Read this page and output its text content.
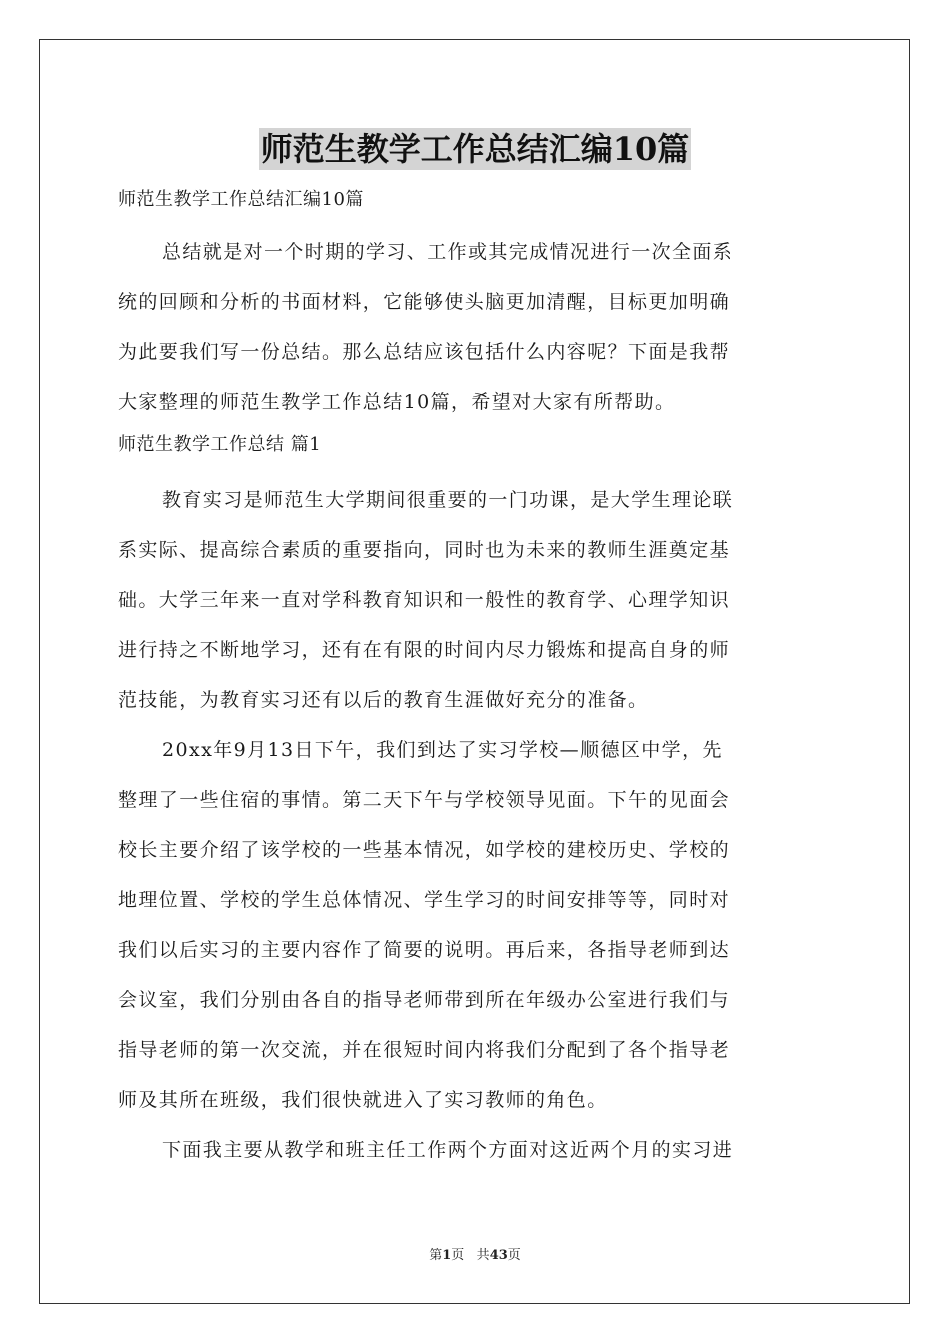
师范生教学工作总结汇编10篇
师范生教学工作总结汇编10篇
总结就是对一个时期的学习、工作或其完成情况进行一次全面系
统的回顾和分析的书面材料，它能够使头脑更加清醒，目标更加明确
为此要我们写一份总结。那么总结应该包括什么内容呢？下面是我帮
大家整理的师范生教学工作总结10篇，希望对大家有所帮助。
师范生教学工作总结 篇1
教育实习是师范生大学期间很重要的一门功课，是大学生理论联
系实际、提高综合素质的重要指向，同时也为未来的教师生涯奠定基
础。大学三年来一直对学科教育知识和一般性的教育学、心理学知识
进行持之不断地学习，还有在有限的时间内尽力锻炼和提高自身的师
范技能，为教育实习还有以后的教育生涯做好充分的准备。
20xx年9月13日下午，我们到达了实习学校—顺德区中学，先
整理了一些住宿的事情。第二天下午与学校领导见面。下午的见面会
校长主要介绍了该学校的一些基本情况，如学校的建校历史、学校的
地理位置、学校的学生总体情况、学生学习的时间安排等等，同时对
我们以后实习的主要内容作了简要的说明。再后来，各指导老师到达
会议室，我们分别由各自的指导老师带到所在年级办公室进行我们与
指导老师的第一次交流，并在很短时间内将我们分配到了各个指导老
师及其所在班级，我们很快就进入了实习教师的角色。
下面我主要从教学和班主任工作两个方面对这近两个月的实习进
第1页 共43页
